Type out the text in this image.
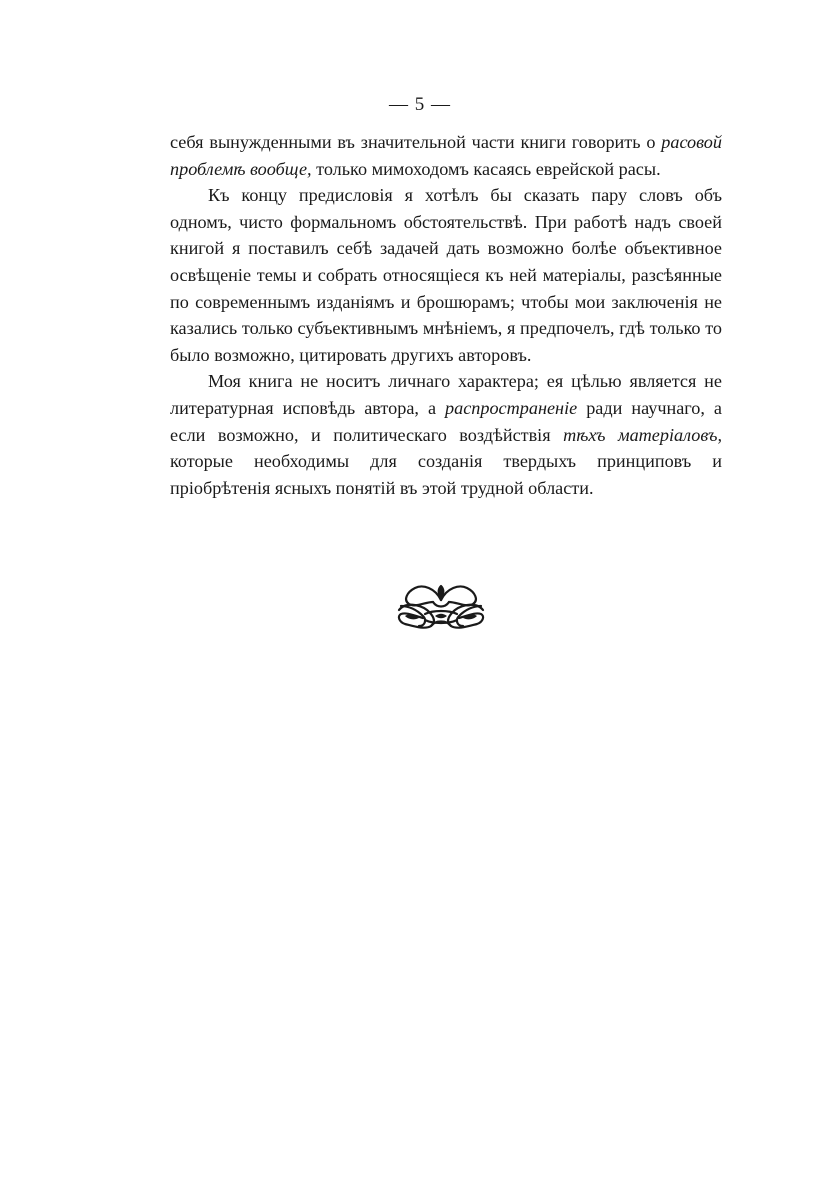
— 5 —

себя вынужденными въ значительной части книги говорить о расовой проблемѣ вообще, только мимоходомъ касаясь еврейской расы.

Къ концу предисловія я хотѣлъ бы сказать пару словъ объ одномъ, чисто формальномъ обстоятельствѣ. При работѣ надъ своей книгой я поставилъ себѣ задачей дать возможно болѣе объективное освѣщеніе темы и собрать относящіеся къ ней матеріалы, разсѣянные по современнымъ изданіямъ и брошюрамъ; чтобы мои заключенія не казались только субъективнымъ мнѣніемъ, я предпочелъ, гдѣ только то было возможно, цитировать другихъ авторовъ.

Моя книга не носитъ личнаго характера; ея цѣлью является не литературная исповѣдь автора, а распространеніе ради научнаго, а если возможно, и политическаго воздѣйствія тѣхъ матеріаловъ, которые необходимы для созданія твердыхъ принциповъ и пріобрѣтенія ясныхъ понятій въ этой трудной области.
